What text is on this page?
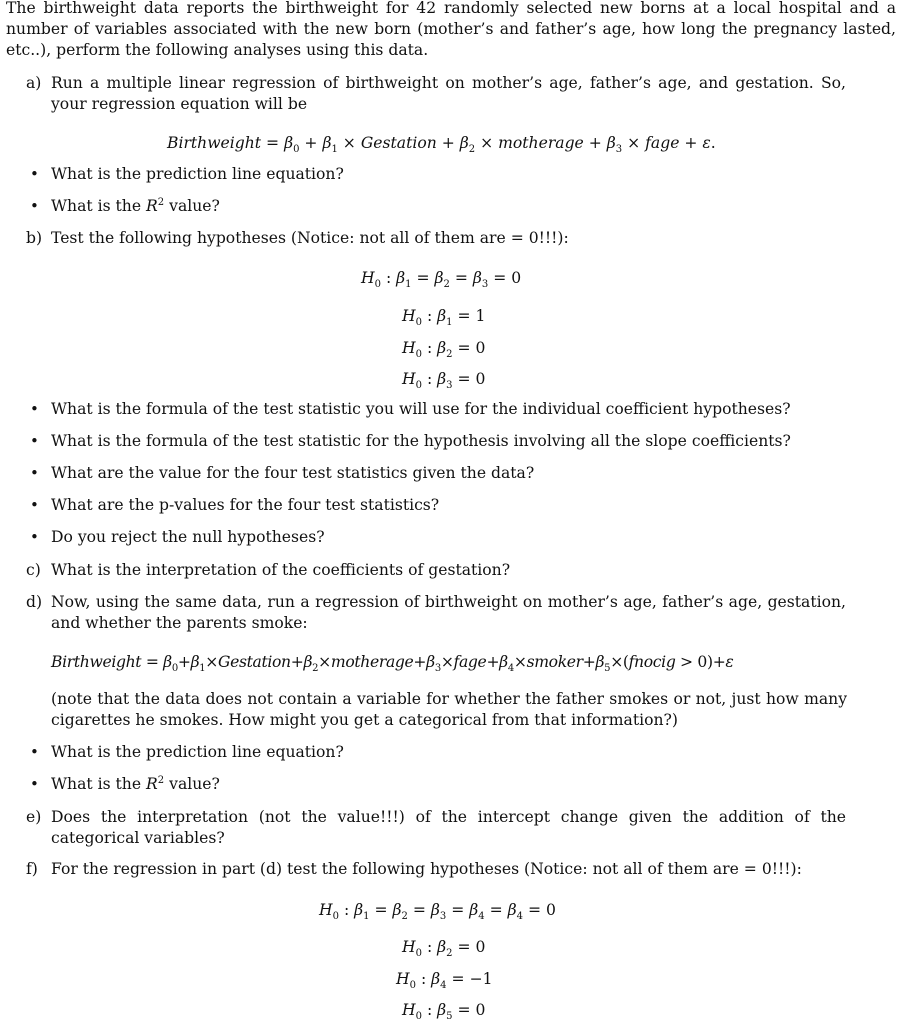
The birthweight data reports the birthweight for 42 randomly selected new borns at a local hospital and a number of variables associated with the new born (mother’s and father’s age, how long the pregnancy lasted, etc..), perform the following analyses using this data.

a) Run a multiple linear regression of birthweight on mother’s age, father’s age, and gestation. So, your regression equation will be
Birthweight = $\beta_0 + \beta_1$ × Gestation + $\beta_2$ × motherage + $\beta_3$ × fage + ε.
• What is the prediction line equation?
• What is the $R^2$ value?
b) Test the following hypotheses (Notice: not all of them are = 0!!!):
$H_0$ : $\beta_1 = \beta_2 = \beta_3 = 0$
$H_0$ : $\beta_1 = 1$
$H_0$ : $\beta_2 = 0$
$H_0$ : $\beta_3 = 0$
• What is the formula of the test statistic you will use for the individual coefficient hypotheses?
• What is the formula of the test statistic for the hypothesis involving all the slope coefficients?
• What are the value for the four test statistics given the data?
• What are the p-values for the four test statistics?
• Do you reject the null hypotheses?
c) What is the interpretation of the coefficients of gestation?
d) Now, using the same data, run a regression of birthweight on mother’s age, father’s age, gestation, and whether the parents smoke:
Birthweight = $\beta_0+\beta_1\times Gestation+\beta_2\times motherage+\beta_3\times fage+\beta_4\times smoker+\beta_5\times(fnocig > 0)+\varepsilon$

(note that the data does not contain a variable for whether the father smokes or not, just how many cigarettes he smokes. How might you get a categorical from that information?)

• What is the prediction line equation?
• What is the $R^2$ value?
e) Does the interpretation (not the value!!!) of the intercept change given the addition of the categorical variables?
f) For the regression in part (d) test the following hypotheses (Notice: not all of them are = 0!!!):
$H_0$ : $\beta_1 = \beta_2 = \beta_3 = \beta_4 = \beta_4 = 0$
$H_0$ : $\beta_2 = 0$
$H_0$ : $\beta_4 = -1$
$H_0$ : $\beta_5 = 0$
